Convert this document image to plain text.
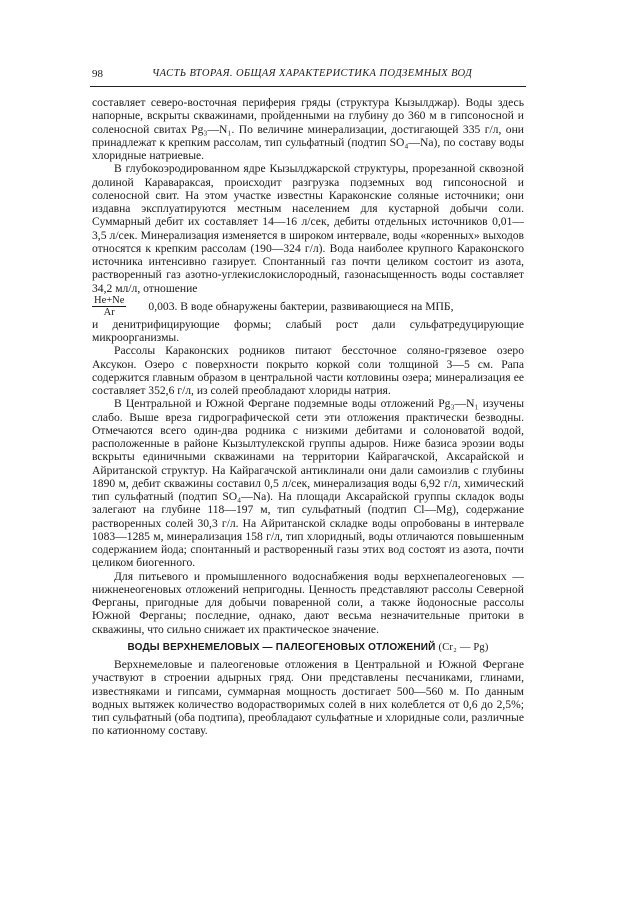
98	ЧАСТЬ ВТОРАЯ. ОБЩАЯ ХАРАКТЕРИСТИКА ПОДЗЕМНЫХ ВОД

составляет северо-восточная периферия гряды (структура Кызылджар). Воды здесь напорные, вскрыты скважинами, пройденными на глубину до 360 м в гипсоносной и соленосной свитах Pg₃—N₁. По величине минерализации, достигающей 335 г/л, они принадлежат к крепким рассолам, тип сульфатный (подтип SO₄—Na), по составу воды хлоридные натриевые.

В глубокоэродированном ядре Кызылджарской структуры, прорезанной сквозной долиной Каравараксая, происходит разгрузка подземных вод гипсоносной и соленосной свит. На этом участке известны Караконские соляные источники; они издавна эксплуатируются местным населением для кустарной добычи соли. Суммарный дебит их составляет 14—16 л/сек, дебиты отдельных источников 0,01—3,5 л/сек. Минерализация изменяется в широком интервале, воды «коренных» выходов относятся к крепким рассолам (190—324 г/л). Вода наиболее крупного Караконского источника интенсивно газирует. Спонтанный газ почти целиком состоит из азота, растворенный газ азотно-углекислокислородный, газонасыщенность воды составляет 34,2 мл/л, отношение

$\frac{He+Ne}{Ar} 0,003$. В воде обнаружены бактерии, развивающиеся на МПБ,

и денитрифицирующие формы; слабый рост дали сульфатредуцирующие микроорганизмы.

Рассолы Караконских родников питают бессточное соляно-грязевое озеро Аксукон. Озеро с поверхности покрыто коркой соли толщиной 3—5 см. Рапа содержится главным образом в центральной части котловины озера; минерализация ее составляет 352,6 г/л, из солей преобладают хлориды натрия.

В Центральной и Южной Фергане подземные воды отложений Pg₃—N₁ изучены слабо. Выше вреза гидрографической сети эти отложения практически безводны. Отмечаются всего один-два родника с низкими дебитами и солоноватой водой, расположенные в районе Кызылтулекской группы адыров. Ниже базиса эрозии воды вскрыты единичными скважинами на территории Кайрагачской, Аксарайской и Айританской структур. На Кайрагачской антиклинали они дали самоизлив с глубины 1890 м, дебит скважины составил 0,5 л/сек, минерализация воды 6,92 г/л, химический тип сульфатный (подтип SO₄—Na). На площади Аксарайской группы складок воды залегают на глубине 118—197 м, тип сульфатный (подтип Cl—Mg), содержание растворенных солей 30,3 г/л. На Айританской складке воды опробованы в интервале 1083—1285 м, минерализация 158 г/л, тип хлоридный, воды отличаются повышенным содержанием йода; спонтанный и растворенный газы этих вод состоят из азота, почти целиком биогенного.

Для питьевого и промышленного водоснабжения воды верхнепалеогеновых — нижненеогеновых отложений непригодны. Ценность представляют рассолы Северной Ферганы, пригодные для добычи поваренной соли, а также йодоносные рассолы Южной Ферганы; последние, однако, дают весьма незначительные притоки в скважины, что сильно снижает их практическое значение.

ВОДЫ ВЕРХНЕМЕЛОВЫХ — ПАЛЕОГЕНОВЫХ ОТЛОЖЕНИЙ (Cr₂ — Pg)

Верхнемеловые и палеогеновые отложения в Центральной и Южной Фергане участвуют в строении адырных гряд. Они представлены песчаниками, глинами, известняками и гипсами, суммарная мощность достигает 500—560 м. По данным водных вытяжек количество водорастворимых солей в них колеблется от 0,6 до 2,5%; тип сульфатный (оба подтипа), преобладают сульфатные и хлоридные соли, различные по катионному составу.
